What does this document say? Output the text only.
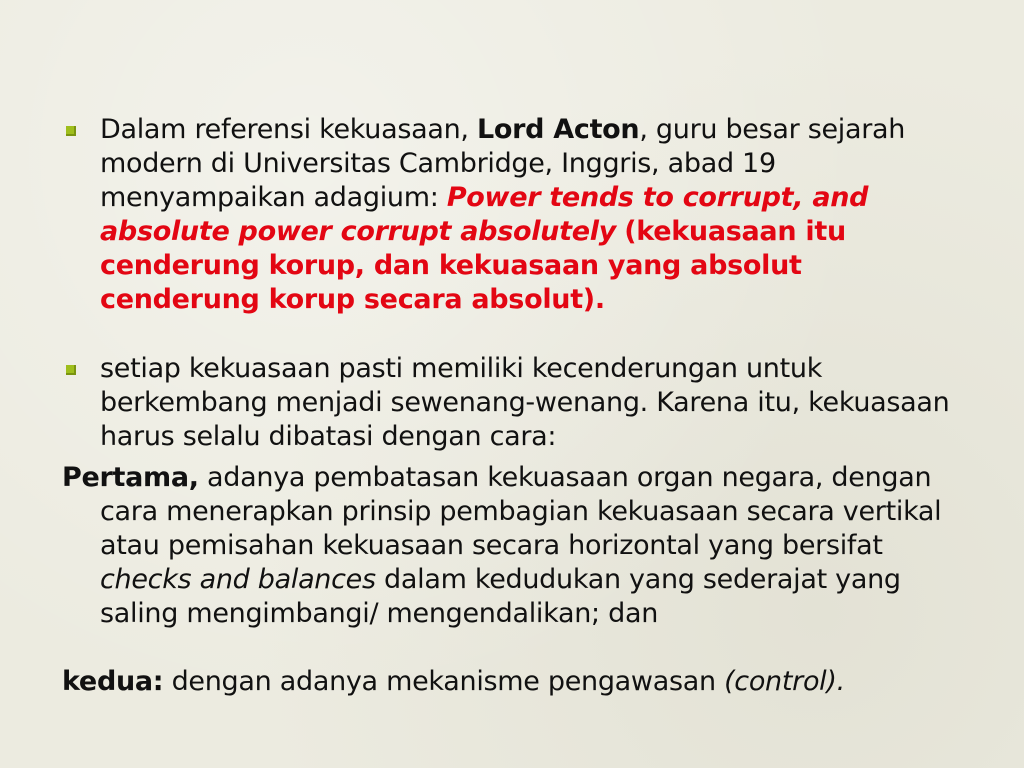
Dalam referensi kekuasaan, Lord Acton, guru besar sejarah modern di Universitas Cambridge, Inggris, abad 19 menyampaikan adagium: Power tends to corrupt, and absolute power corrupt absolutely (kekuasaan itu cenderung korup, dan kekuasaan yang absolut cenderung korup secara absolut).
setiap kekuasaan pasti memiliki kecenderungan untuk berkembang menjadi sewenang-wenang. Karena itu, kekuasaan harus selalu dibatasi dengan cara:
Pertama, adanya pembatasan kekuasaan organ negara, dengan cara menerapkan prinsip pembagian kekuasaan secara vertikal atau pemisahan kekuasaan secara horizontal yang bersifat checks and balances dalam kedudukan yang sederajat yang saling mengimbangi/ mengendalikan; dan
kedua: dengan adanya mekanisme pengawasan (control).
